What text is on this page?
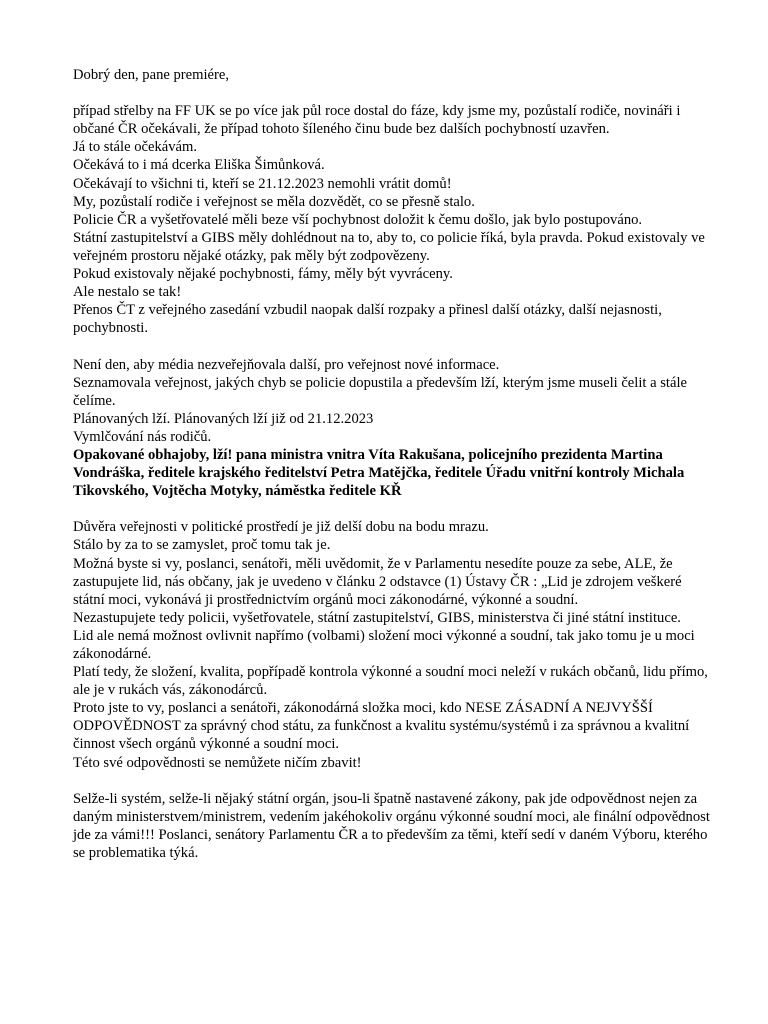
Dobrý den, pane premiére,
případ střelby na FF UK se po více jak půl roce dostal do fáze, kdy jsme my, pozůstalí rodiče, novináři i občané ČR očekávali, že případ tohoto šíleného činu bude bez dalších pochybností uzavřen.
Já to stále očekávám.
Očekává to i má dcerka Eliška Šimůnková.
Očekávají to všichni ti, kteří se 21.12.2023 nemohli vrátit domů!
My, pozůstalí rodiče i veřejnost se měla dozvědět, co se přesně stalo.
Policie ČR a vyšetřovatelé měli beze vší pochybnost doložit k čemu došlo, jak bylo postupováno.
Státní zastupitelství a GIBS měly dohlédnout na to, aby to, co policie říká, byla pravda. Pokud existovaly ve veřejném prostoru nějaké otázky, pak měly být zodpovězeny.
Pokud existovaly nějaké pochybnosti, fámy, měly být vyvráceny.
Ale nestalo se tak!
Přenos ČT z veřejného zasedání vzbudil naopak další rozpaky a přinesl další otázky, další nejasnosti, pochybnosti.
Není den, aby média nezveřejňovala další, pro veřejnost nové informace.
Seznamovala veřejnost, jakých chyb se policie dopustila a především lží, kterým jsme museli čelit a stále čelíme.
Plánovaných lží. Plánovaných lží již od 21.12.2023
Vymlčování nás rodičů.
Opakované obhajoby, lží! pana ministra vnitra Víta Rakušana, policejního prezidenta Martina Vondráška, ředitele krajského ředitelství Petra Matějčka, ředitele Úřadu vnitřní kontroly Michala Tikovského, Vojtěcha Motyky, náměstka ředitele KŘ
Důvěra veřejnosti v politické prostředí je již delší dobu na bodu mrazu.
Stálo by za to se zamyslet, proč tomu tak je.
Možná byste si vy, poslanci, senátoři, měli uvědomit, že v Parlamentu nesedíte pouze za sebe, ALE, že zastupujete lid, nás občany, jak je uvedeno v článku 2 odstavce (1) Ústavy ČR : „Lid je zdrojem veškeré státní moci, vykonává ji prostřednictvím orgánů moci zákonodárné, výkonné a soudní.
Nezastupujete tedy policii, vyšetřovatele, státní zastupitelství, GIBS, ministerstva či jiné státní instituce.
Lid ale nemá možnost ovlivnit napřímo (volbami) složení moci výkonné a soudní, tak jako tomu je u moci zákonodárné.
Platí tedy, že složení, kvalita, popřípadě kontrola výkonné a soudní moci neleží v rukách občanů, lidu přímo, ale je v rukách vás, zákonodárců.
Proto jste to vy, poslanci a senátoři, zákonodárná složka moci, kdo NESE ZÁSADNÍ A NEJVYŠŠÍ ODPOVĚDNOST za správný chod státu, za funkčnost a kvalitu systému/systémů i za správnou a kvalitní činnost všech orgánů výkonné a soudní moci.
Této své odpovědnosti se nemůžete ničím zbavit!
Selže-li systém, selže-li nějaký státní orgán, jsou-li špatně nastavené zákony, pak jde odpovědnost nejen za daným ministerstvem/ministrem, vedením jakéhokoliv orgánu výkonné soudní moci, ale finální odpovědnost jde za vámi!!! Poslanci, senátory Parlamentu ČR a to především za těmi, kteří sedí v daném Výboru, kterého se problematika týká.
